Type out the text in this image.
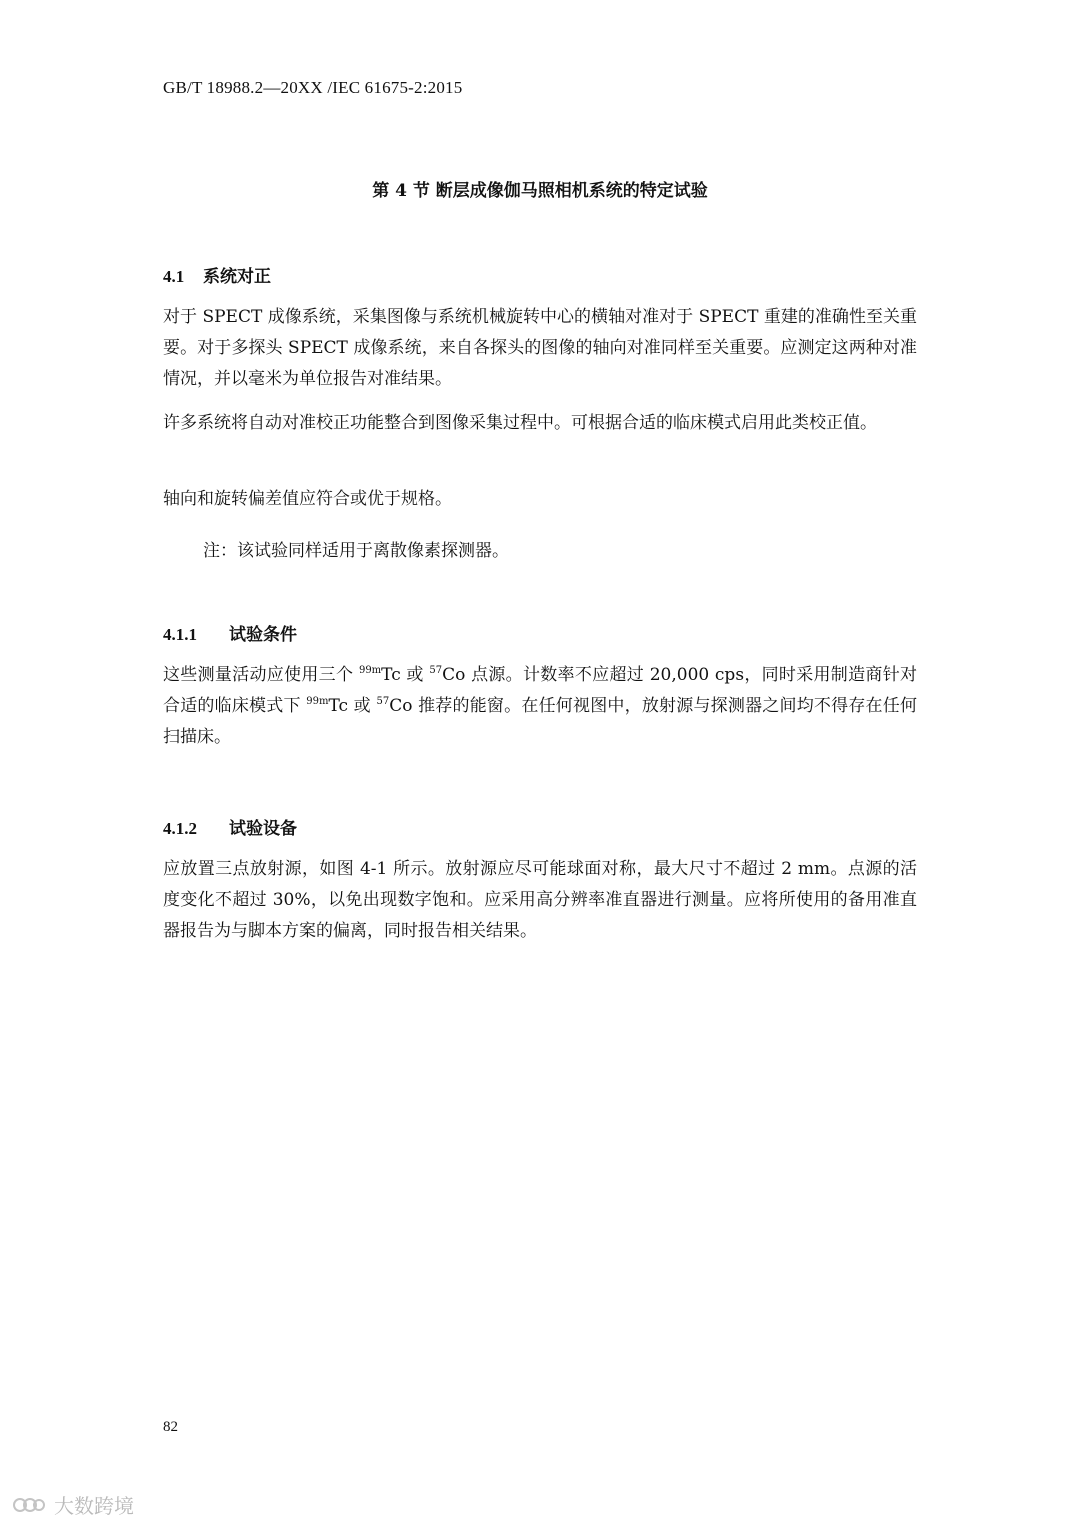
GB/T 18988.2—20XX /IEC 61675-2:2015
第 4 节 断层成像伽马照相机系统的特定试验
4.1 系统对正
对于 SPECT 成像系统，采集图像与系统机械旋转中心的横轴对准对于 SPECT 重建的准确性至关重要。对于多探头 SPECT 成像系统，来自各探头的图像的轴向对准同样至关重要。应测定这两种对准情况，并以毫米为单位报告对准结果。
许多系统将自动对准校正功能整合到图像采集过程中。可根据合适的临床模式启用此类校正值。
轴向和旋转偏差值应符合或优于规格。
注：该试验同样适用于离散像素探测器。
4.1.1 试验条件
这些测量活动应使用三个 $^{99m}$Tc 或 $^{57}$Co 点源。计数率不应超过 20,000 cps，同时采用制造商针对合适的临床模式下 $^{99m}$Tc 或 $^{57}$Co 推荐的能窗。在任何视图中，放射源与探测器之间均不得存在任何扫描床。
4.1.2 试验设备
应放置三点放射源，如图 4-1 所示。放射源应尽可能球面对称，最大尺寸不超过 2 mm。点源的活度变化不超过 30%，以免出现数字饱和。应采用高分辨率准直器进行测量。应将所使用的备用准直器报告为与脚本方案的偏离，同时报告相关结果。
82
大数跨境
